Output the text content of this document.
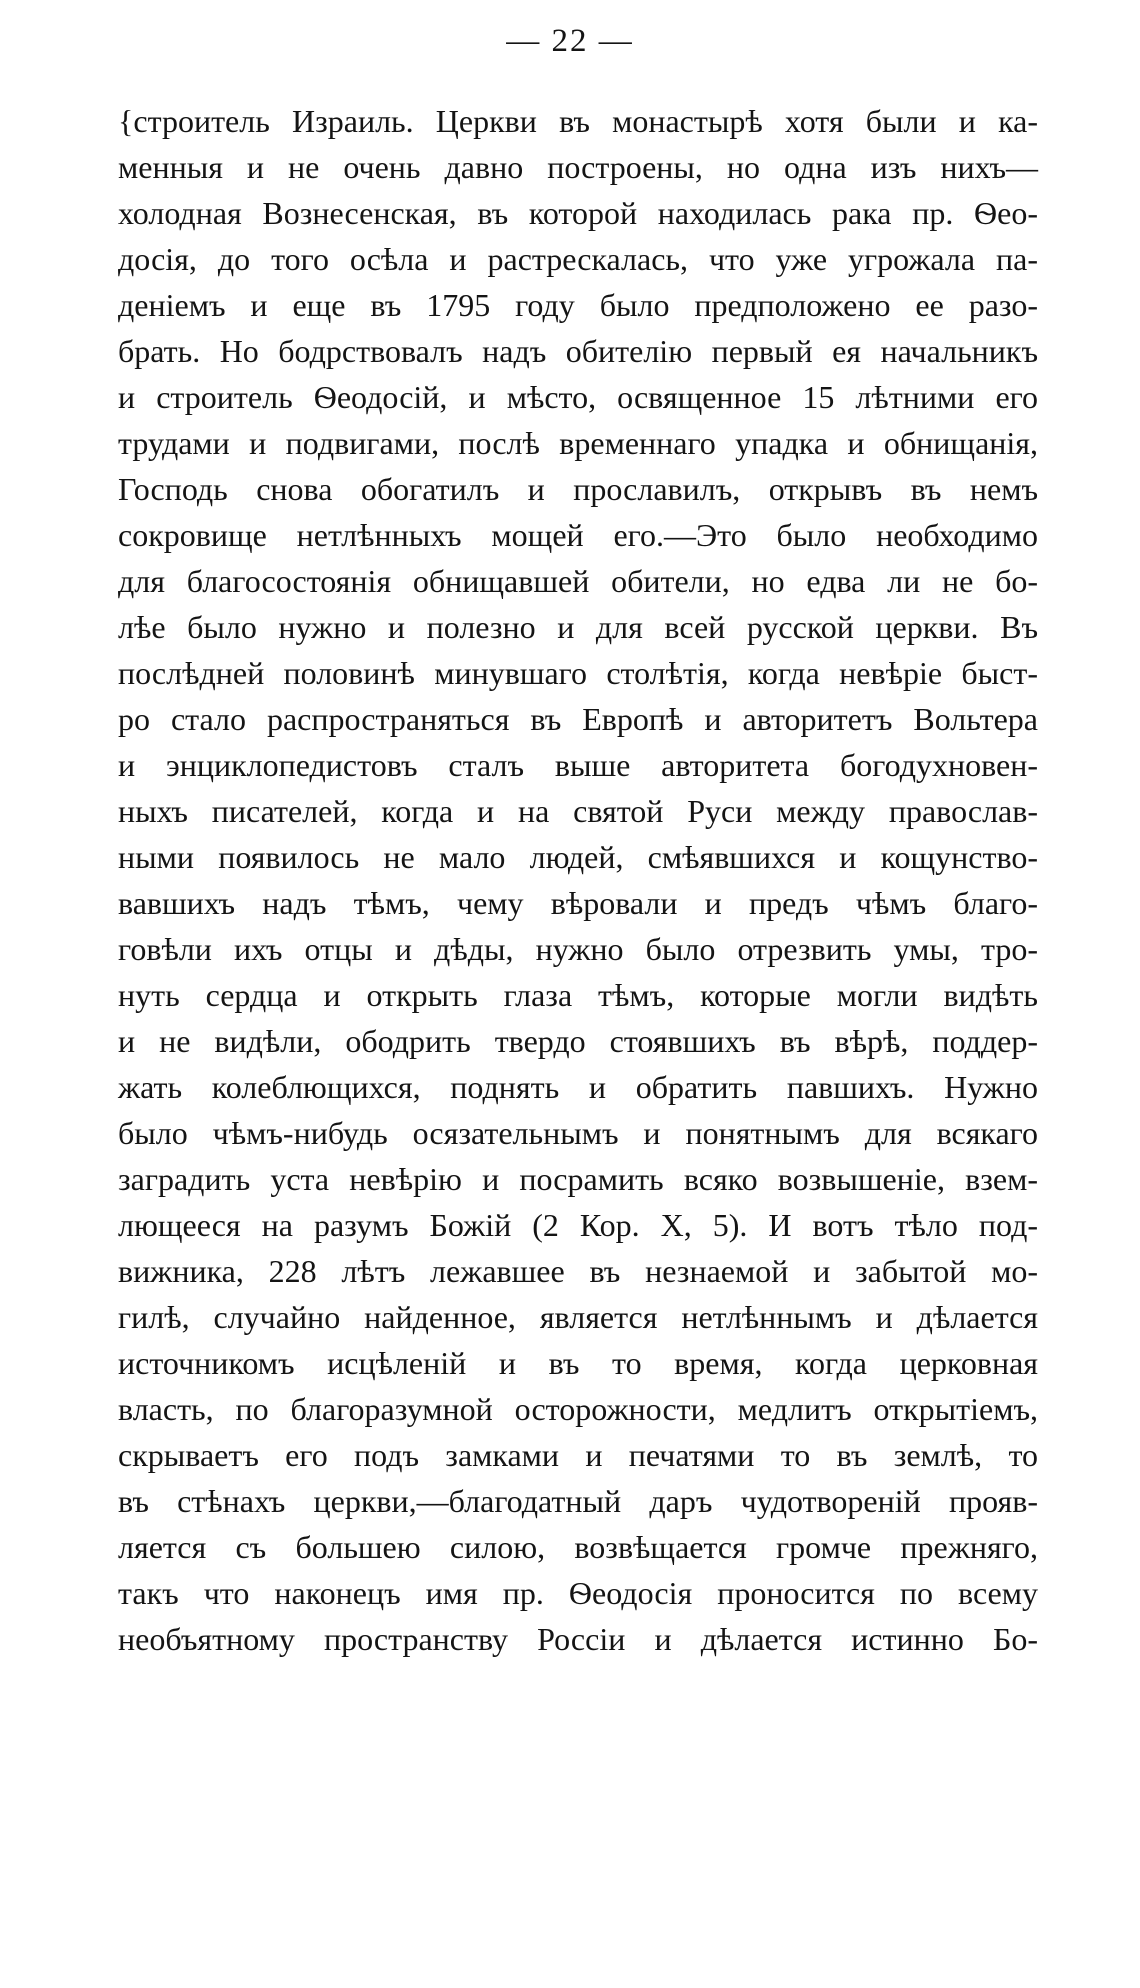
— 22 —
{строитель Израиль. Церкви въ монастырѣ хотя были и ка-
менныя и не очень давно построены, но одна изъ нихъ—
холодная Вознесенская, въ которой находилась рака пр. Ѳео-
досія, до того осѣла и растрескалась, что уже угрожала па-
деніемъ и еще въ 1795 году было предположено ее разо-
брать. Но бодрствовалъ надъ обителію первый ея начальникъ
и строитель Ѳеодосій, и мѣсто, освященное 15 лѣтними его
трудами и подвигами, послѣ временнаго упадка и обнищанія,
Господь снова обогатилъ и прославилъ, открывъ въ немъ
сокровище нетлѣнныхъ мощей его.—Это было необходимо
для благосостоянія обнищавшей обители, но едва ли не бо-
лѣе было нужно и полезно и для всей русской церкви. Въ
послѣдней половинѣ минувшаго столѣтія, когда невѣріе быст-
ро стало распространяться въ Европѣ и авторитетъ Вольтера
и энциклопедистовъ сталъ выше авторитета богодухновен-
ныхъ писателей, когда и на святой Руси между православ-
ными появилось не мало людей, смѣявшихся и кощунство-
вавшихъ надъ тѣмъ, чему вѣровали и предъ чѣмъ благо-
говѣли ихъ отцы и дѣды, нужно было отрезвить умы, тро-
нуть сердца и открыть глаза тѣмъ, которые могли видѣть
и не видѣли, ободрить твердо стоявшихъ въ вѣрѣ, поддер-
жать колеблющихся, поднять и обратить павшихъ. Нужно
было чѣмъ-нибудь осязательнымъ и понятнымъ для всякаго
заградить уста невѣрію и посрамить всяко возвышеніе, взем-
лющееся на разумъ Божій (2 Кор. X, 5). И вотъ тѣло под-
вижника, 228 лѣтъ лежавшее въ незнаемой и забытой мо-
гилѣ, случайно найденное, является нетлѣннымъ и дѣлается
источникомъ исцѣленій и въ то время, когда церковная
власть, по благоразумной осторожности, медлитъ открытіемъ,
скрываетъ его подъ замками и печатями то въ землѣ, то
въ стѣнахъ церкви,—благодатный даръ чудотвореній прояв-
ляется съ большею силою, возвѣщается громче прежняго,
такъ что наконецъ имя пр. Ѳеодосія проносится по всему
необъятному пространству Россіи и дѣлается истинно Бо-
